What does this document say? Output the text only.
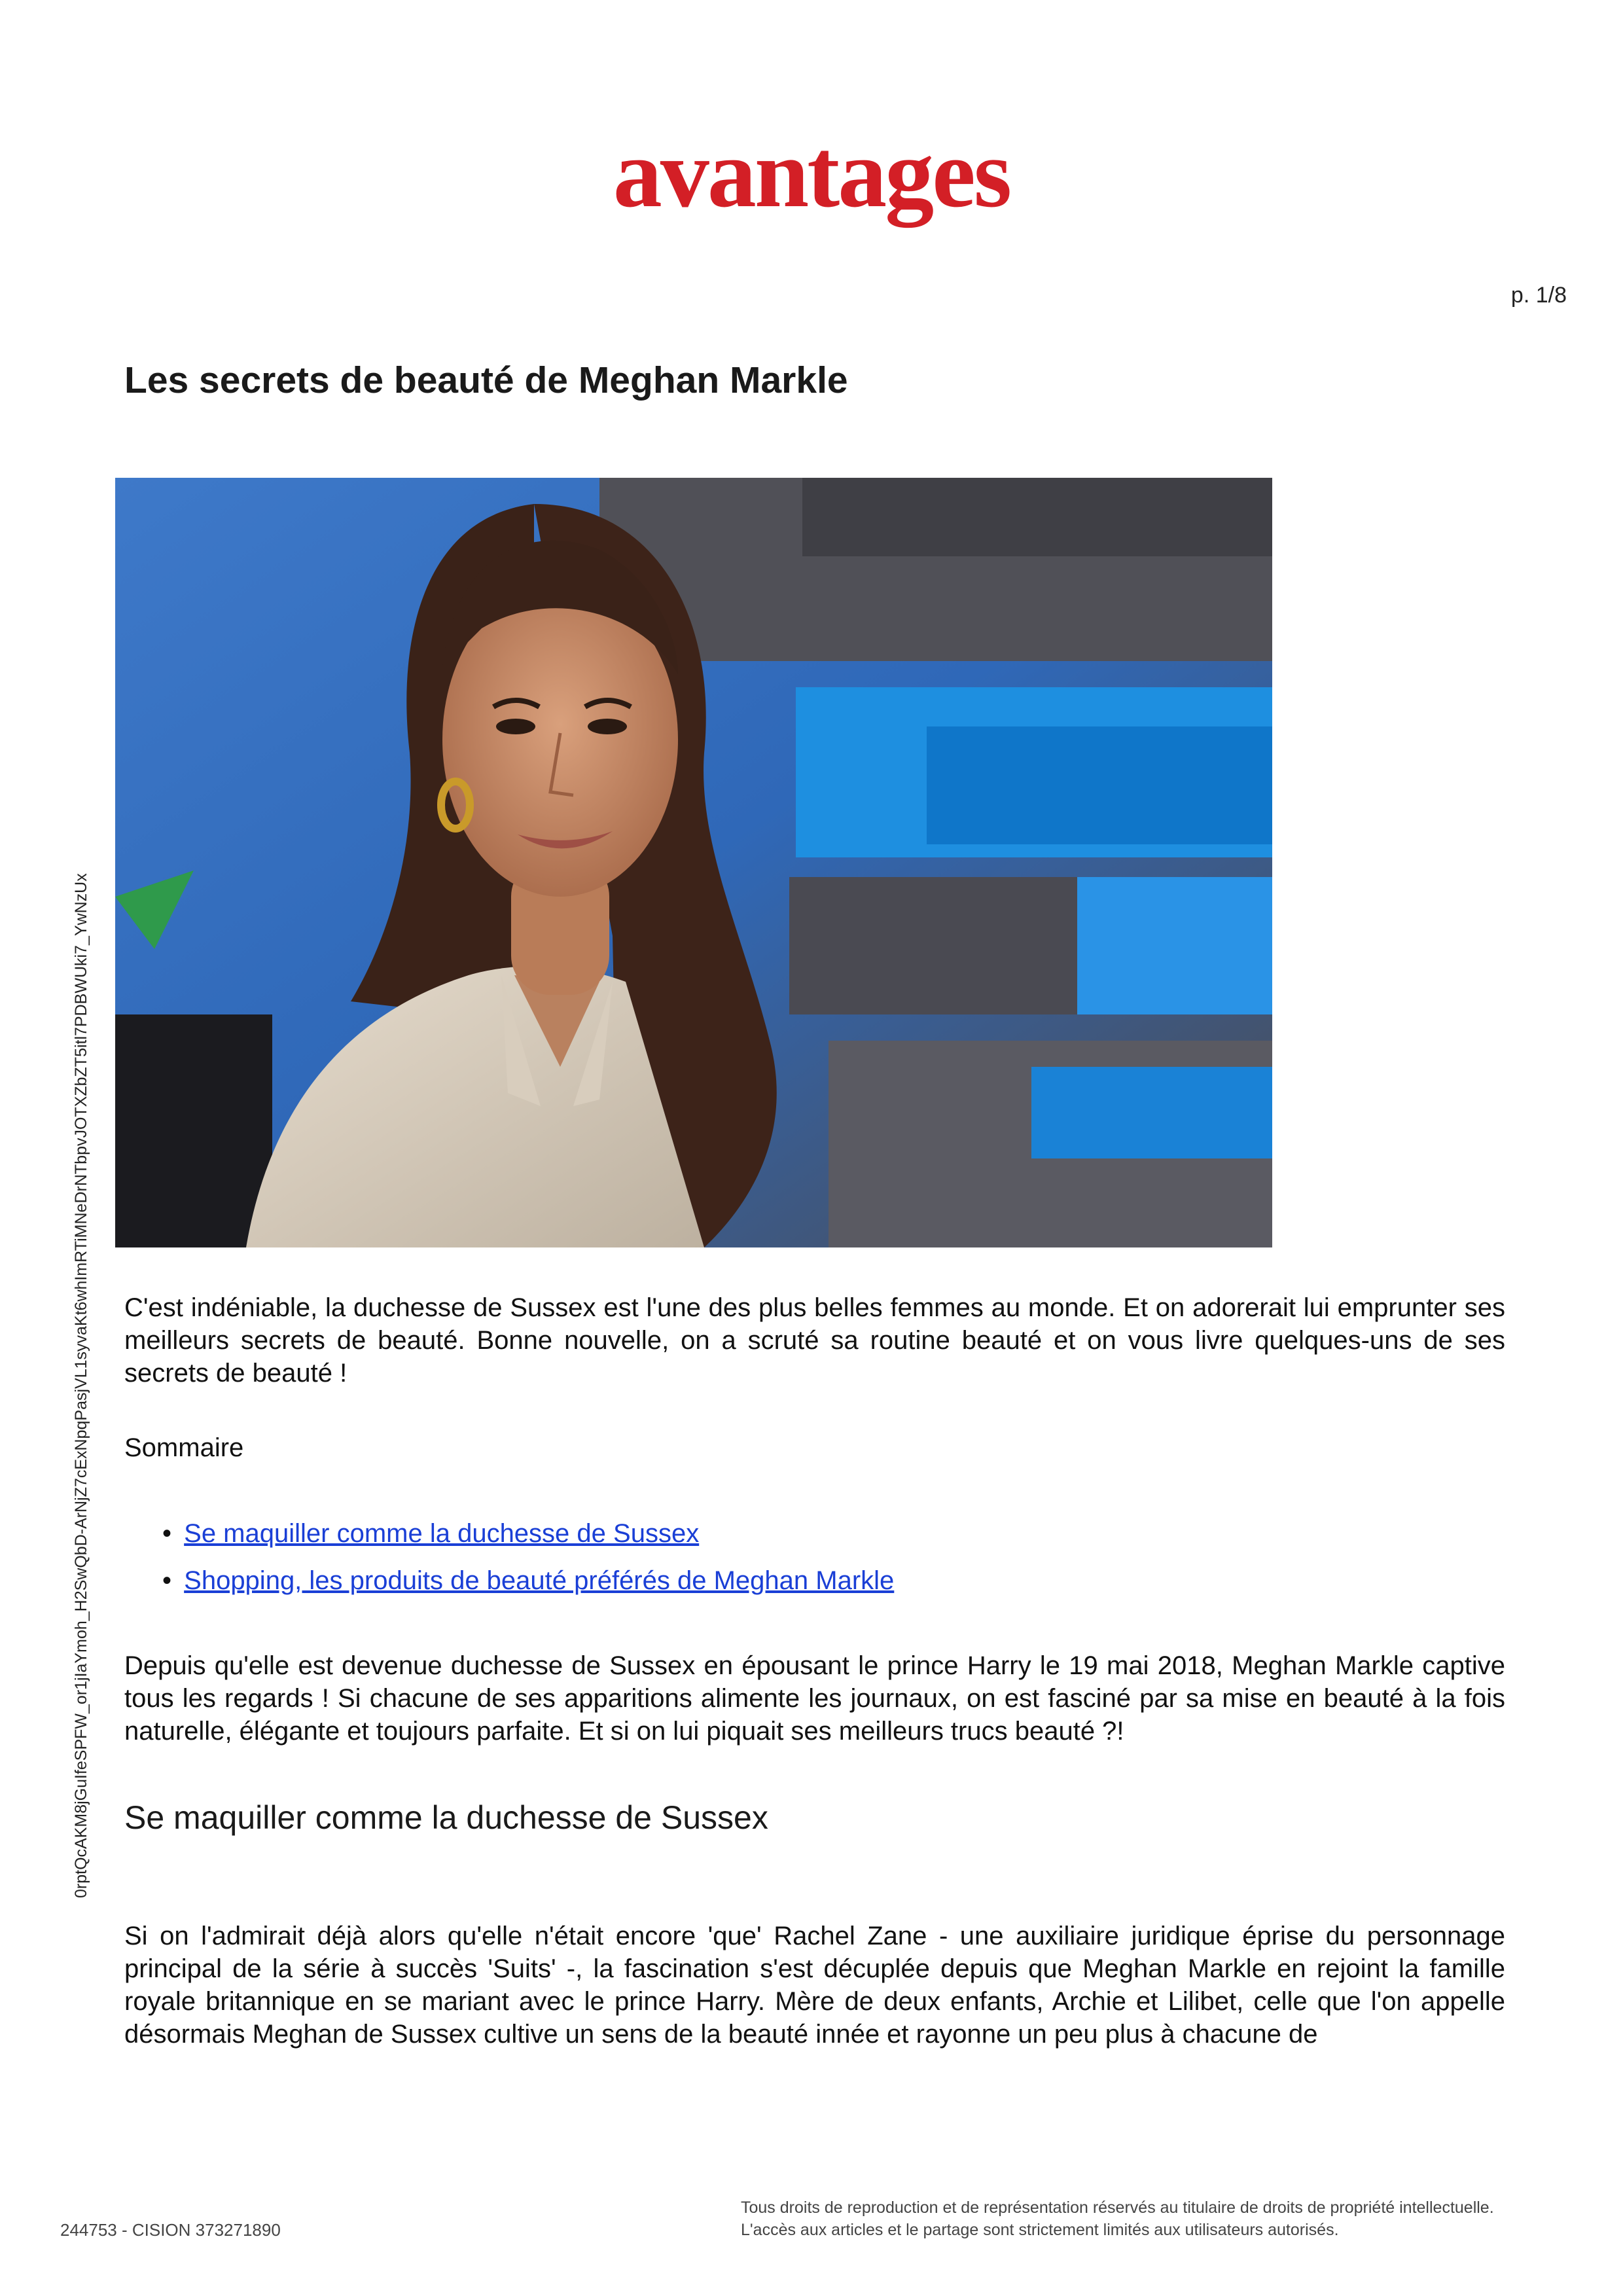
avantages
p. 1/8
Les secrets de beauté de Meghan Markle
0rptQcAKM8jGuIfeSPFW_or1jIaYmoh_H2SwQbD-ArNjZ7cExNpqPasjVL1syvaKt6whImRTiMNeDrNTbpvJOTXZbZT5itl7PDBWUki7_YwNzUx C'est indéniable, la duchesse de Sussex est l'une des plus belles femmes au monde. Et on adorerait lui emprunter ses meilleurs secrets de beauté. Bonne nouvelle, on a scruté sa routine beauté et on vous livre quelques-uns de ses secrets de beauté !

Sommaire
• Se maquiller comme la duchesse de Sussex
• Shopping, les produits de beauté préférés de Meghan Markle

Depuis qu'elle est devenue duchesse de Sussex en épousant le prince Harry le 19 mai 2018, Meghan Markle captive tous les regards ! Si chacune de ses apparitions alimente les journaux, on est fasciné par sa mise en beauté à la fois naturelle, élégante et toujours parfaite. Et si on lui piquait ses meilleurs trucs beauté ?!

Se maquiller comme la duchesse de Sussex

Si on l'admirait déjà alors qu'elle n'était encore 'que' Rachel Zane - une auxiliaire juridique éprise du personnage principal de la série à succès 'Suits' -, la fascination s'est décuplée depuis que Meghan Markle en rejoint la famille royale britannique en se mariant avec le prince Harry. Mère de deux enfants, Archie et Lilibet, celle que l'on appelle désormais Meghan de Sussex cultive un sens de la beauté innée et rayonne un peu plus à chacune de

244753 - CISION 373271890
Tous droits de reproduction et de représentation réservés au titulaire de droits de propriété intellectuelle.
L'accès aux articles et le partage sont strictement limités aux utilisateurs autorisés.
